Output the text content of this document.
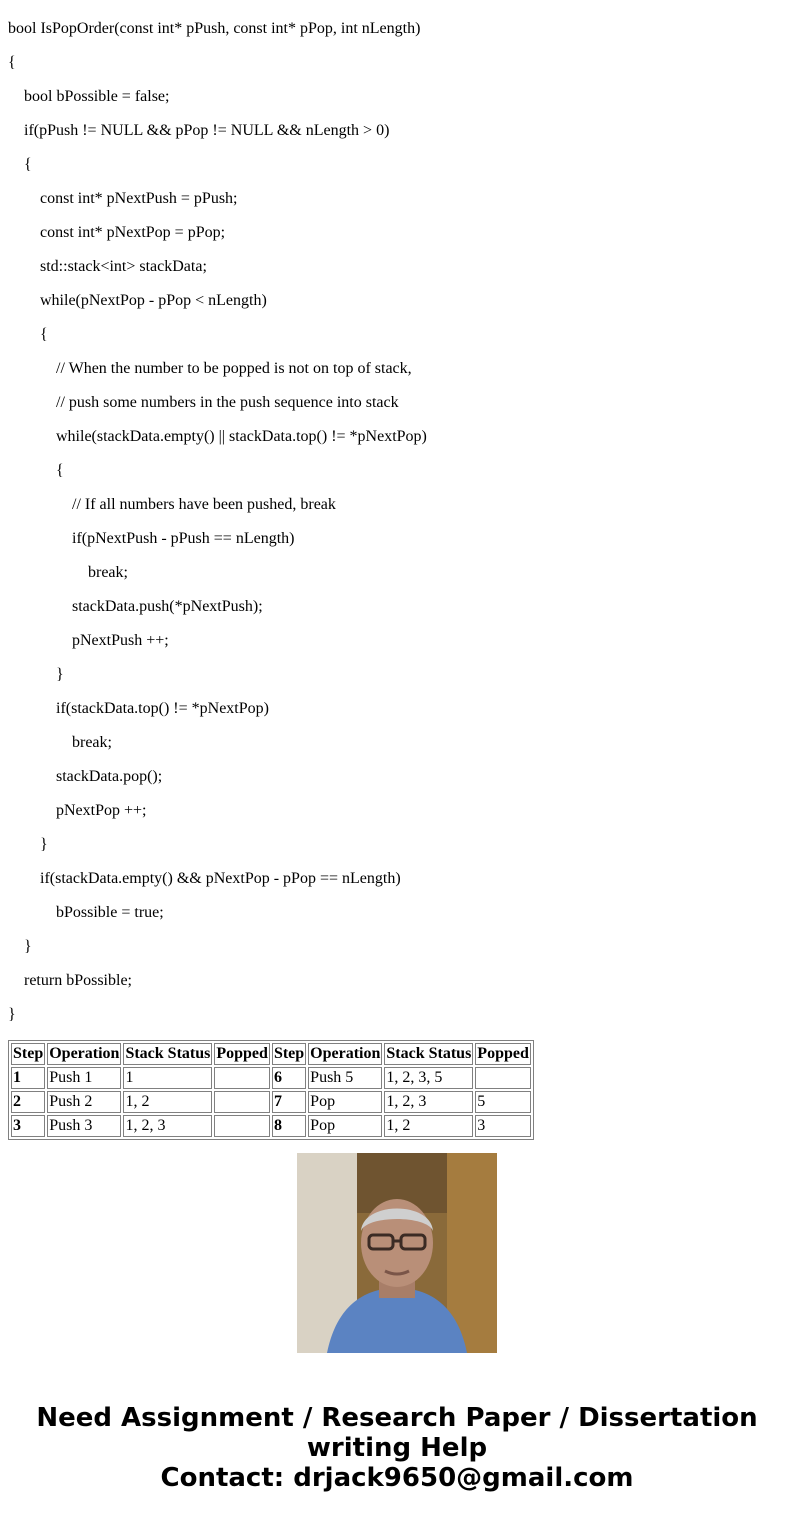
bool IsPopOrder(const int* pPush, const int* pPop, int nLength)
{
bool bPossible = false;
if(pPush != NULL && pPop != NULL && nLength > 0)
{
const int* pNextPush = pPush;
const int* pNextPop = pPop;
std::stack<int> stackData;
while(pNextPop - pPop < nLength)
{
// When the number to be popped is not on top of stack,
// push some numbers in the push sequence into stack
while(stackData.empty() || stackData.top() != *pNextPop)
{
// If all numbers have been pushed, break
if(pNextPush - pPush == nLength)
break;
stackData.push(*pNextPush);
pNextPush ++;
}
if(stackData.top() != *pNextPop)
break;
stackData.pop();
pNextPop ++;
}
if(stackData.empty() && pNextPop - pPop == nLength)
bPossible = true;
}
return bPossible;
}
Step	Operation	Stack Status	Popped	Step	Operation	Stack Status	Popped
1	Push 1	1		6	Push 5	1, 2, 3, 5	
2	Push 2	1, 2		7	Pop	1, 2, 3	5
3	Push 3	1, 2, 3		8	Pop	1, 2	3
Need Assignment / Research Paper / Dissertation
writing Help
Contact: drjack9650@gmail.com
